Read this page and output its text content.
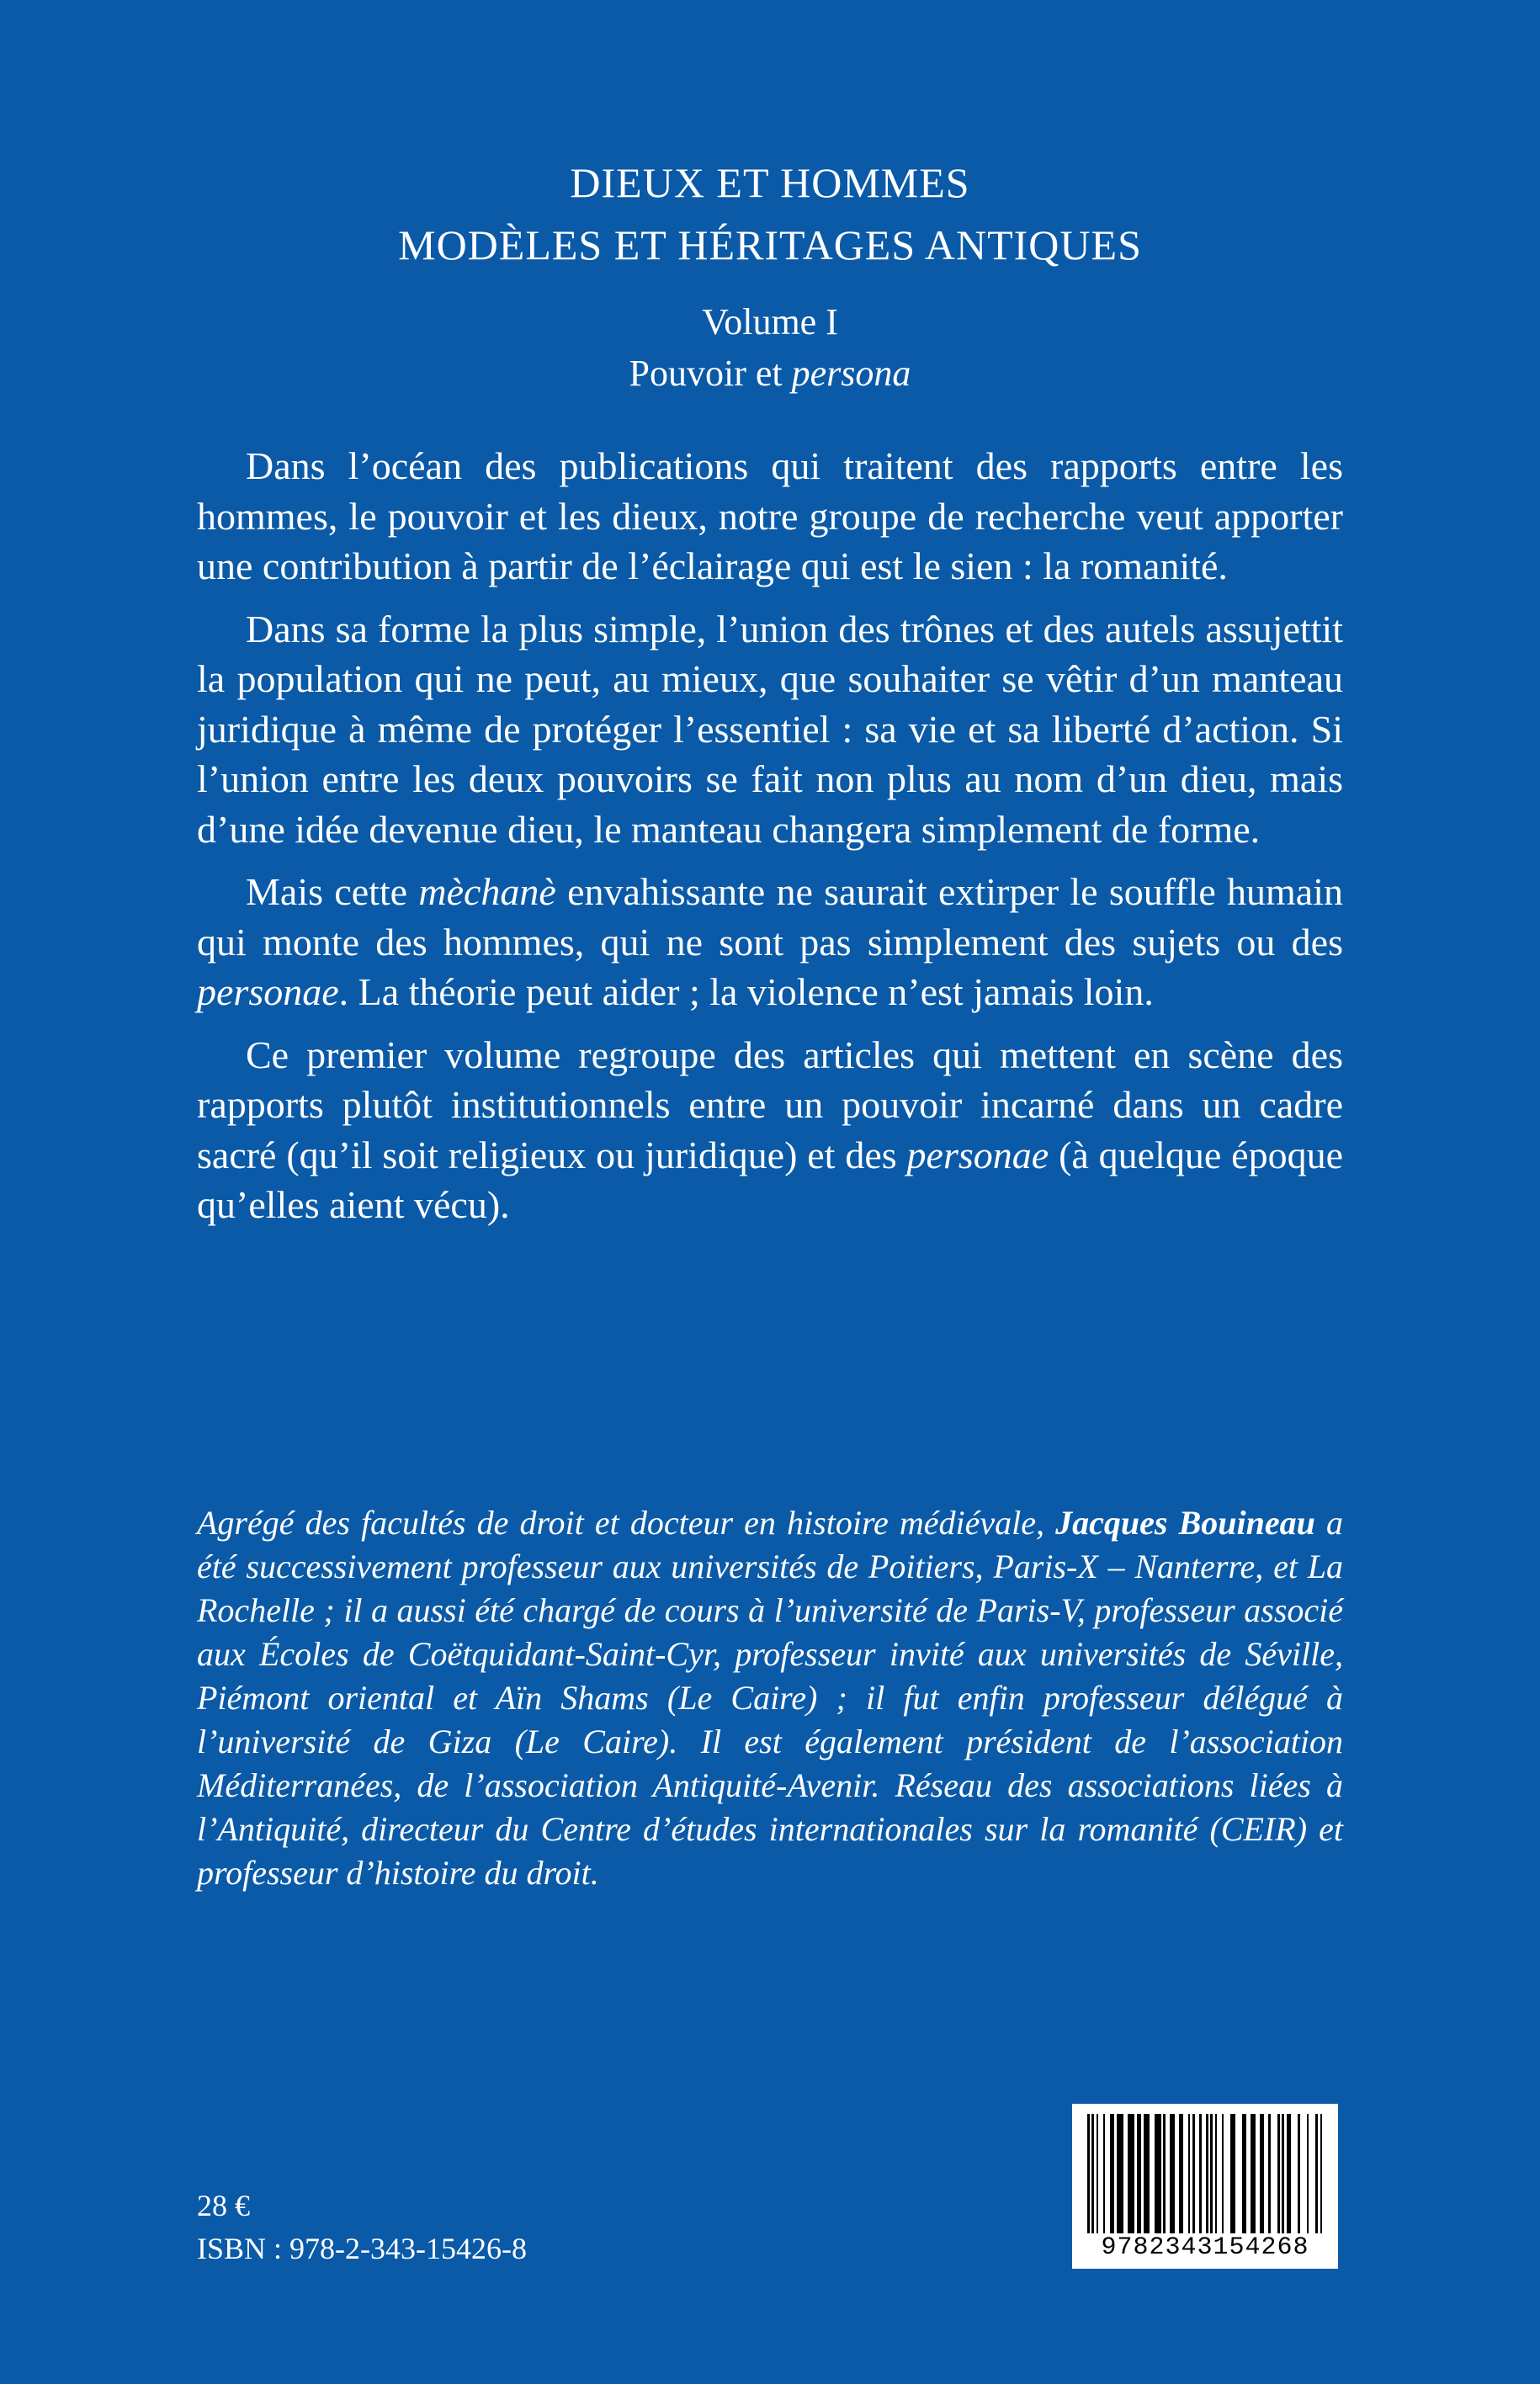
DIEUX ET HOMMES
MODÈLES ET HÉRITAGES ANTIQUES
Volume I
Pouvoir et persona

Dans l’océan des publications qui traitent des rapports entre les hommes, le pouvoir et les dieux, notre groupe de recherche veut apporter une contribution à partir de l’éclairage qui est le sien : la romanité.

Dans sa forme la plus simple, l’union des trônes et des autels assujettit la population qui ne peut, au mieux, que souhaiter se vêtir d’un manteau juridique à même de protéger l’essentiel : sa vie et sa liberté d’action. Si l’union entre les deux pouvoirs se fait non plus au nom d’un dieu, mais d’une idée devenue dieu, le manteau changera simplement de forme.

Mais cette mèchanè envahissante ne saurait extirper le souffle humain qui monte des hommes, qui ne sont pas simplement des sujets ou des personae. La théorie peut aider ; la violence n’est jamais loin.

Ce premier volume regroupe des articles qui mettent en scène des rapports plutôt institutionnels entre un pouvoir incarné dans un cadre sacré (qu’il soit religieux ou juridique) et des personae (à quelque époque qu’elles aient vécu).

Agrégé des facultés de droit et docteur en histoire médiévale, Jacques Bouineau a été successivement professeur aux universités de Poitiers, Paris-X – Nanterre, et La Rochelle ; il a aussi été chargé de cours à l’université de Paris-V, professeur associé aux Écoles de Coëtquidant-Saint-Cyr, professeur invité aux universités de Séville, Piémont oriental et Aïn Shams (Le Caire) ; il fut enfin professeur délégué à l’université de Giza (Le Caire). Il est également président de l’association Méditerranées, de l’association Antiquité-Avenir. Réseau des associations liées à l’Antiquité, directeur du Centre d’études internationales sur la romanité (CEIR) et professeur d’histoire du droit.

28 €
ISBN : 978-2-343-15426-8	9782343154268
